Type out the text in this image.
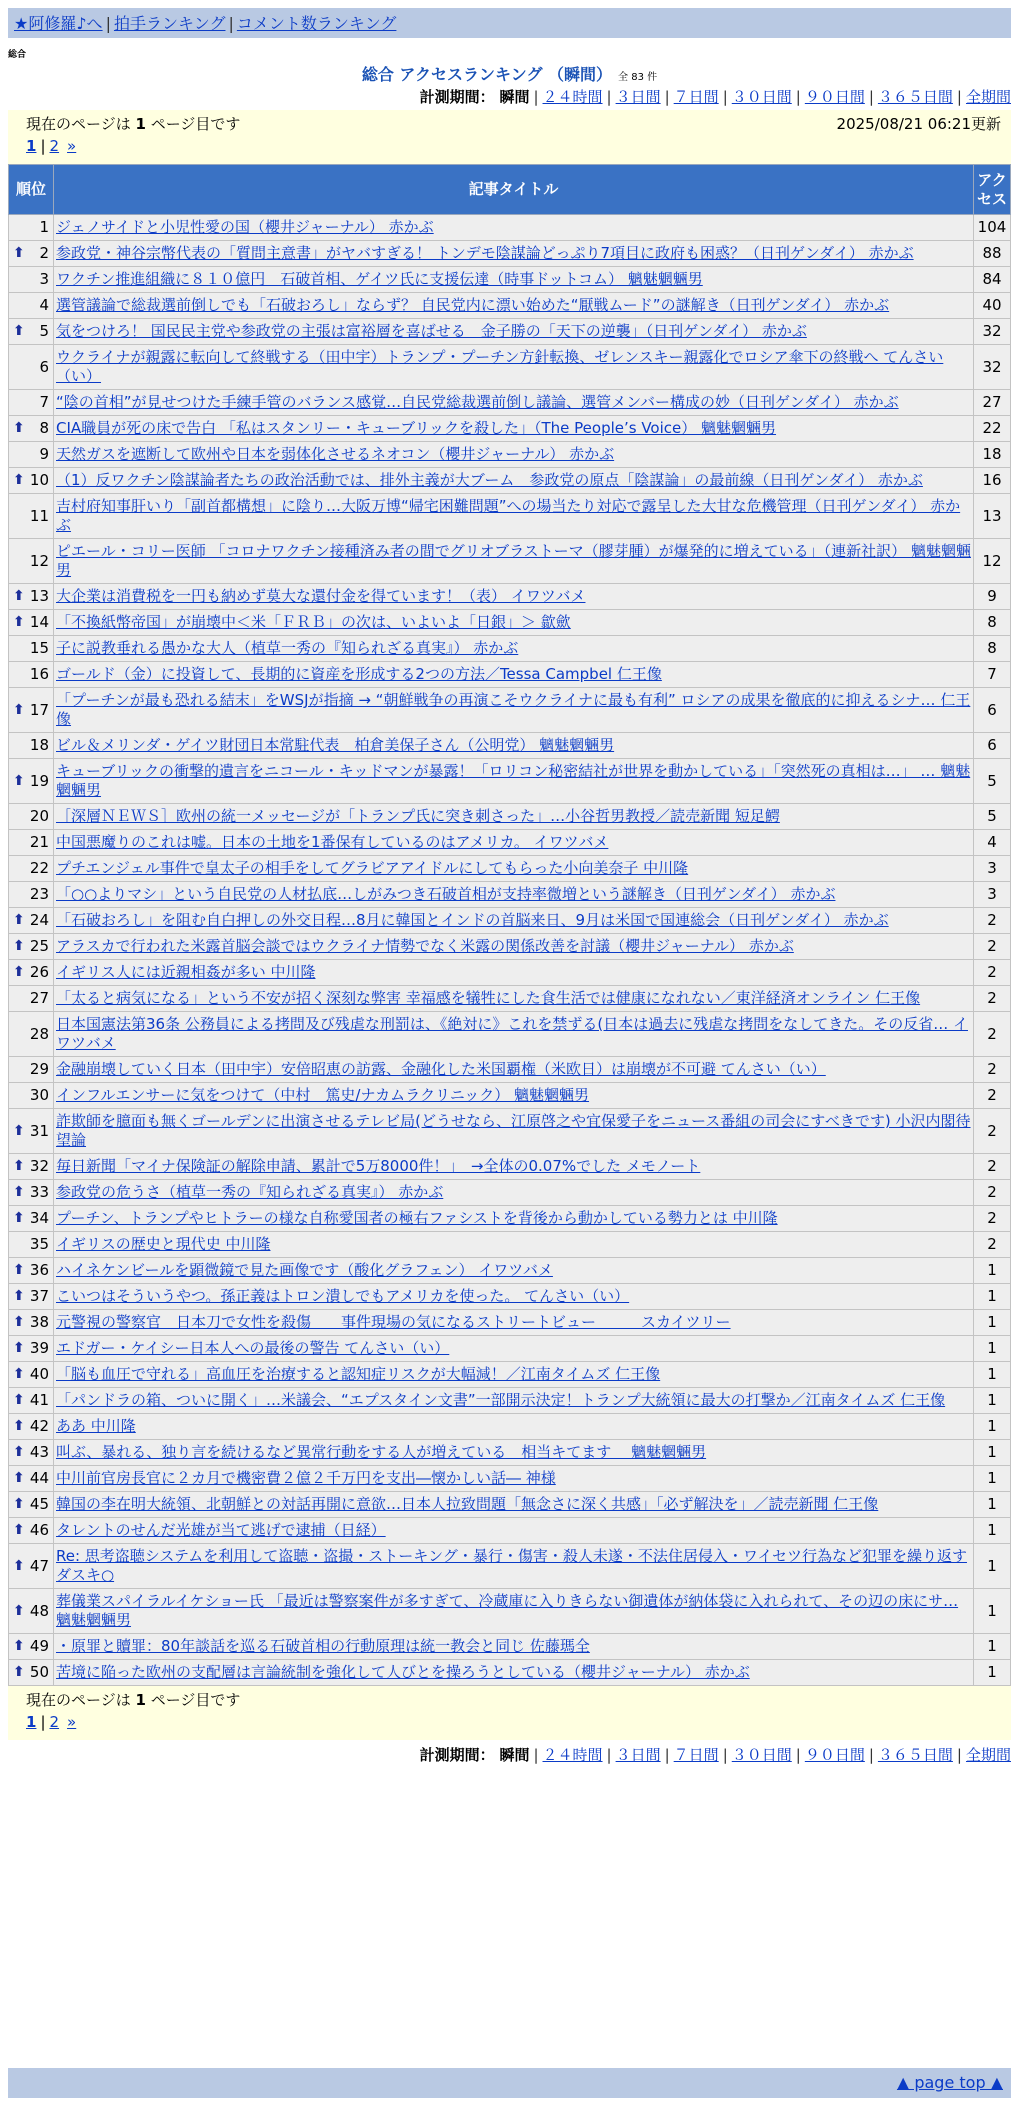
★阿修羅♪へ | 拍手ランキング | コメント数ランキング
総合
総合 アクセスランキング （瞬間） 全 83 件
計測期間： 瞬間 | ２４時間 | ３日間 | ７日間 | ３０日間 | ９０日間 | ３６５日間 | 全期間
現在のページは 1 ページ目です	2025/08/21 06:21更新
1 | 2 »
順位	記事タイトル	アクセス
1	ジェノサイドと小児性愛の国（櫻井ジャーナル） 赤かぶ	104

⬆ 2	参政党・神谷宗幣代表の「質問主意書」がヤバすぎる！ トンデモ陰謀論どっぷり7項目に政府も困惑？（日刊ゲンダイ） 赤かぶ	88
3	ワクチン推進組織に８１０億円　石破首相、ゲイツ氏に支援伝達（時事ドットコム） 魑魅魍魎男	84
4	選管議論で総裁選前倒しでも「石破おろし」ならず？ 自民党内に漂い始めた“厭戦ムード”の謎解き（日刊ゲンダイ） 赤かぶ	40

⬆ 5	気をつけろ！ 国民民主党や参政党の主張は富裕層を喜ばせる　金子勝の「天下の逆襲」（日刊ゲンダイ） 赤かぶ	32
6	ウクライナが親露に転向して終戦する（田中宇）トランプ・プーチン方針転換、ゼレンスキー親露化でロシア傘下の終戦へ てんさい（い）	32
7	“陰の首相”が見せつけた手練手管のバランス感覚…自民党総裁選前倒し議論、選管メンバー構成の妙（日刊ゲンダイ） 赤かぶ	27

⬆ 8	CIA職員が死の床で告白 「私はスタンリー・キューブリックを殺した」（The People’s Voice） 魑魅魍魎男	22
9	天然ガスを遮断して欧州や日本を弱体化させるネオコン（櫻井ジャーナル） 赤かぶ	18

⬆ 10	（1）反ワクチン陰謀論者たちの政治活動では、排外主義が大ブーム　参政党の原点「陰謀論」の最前線（日刊ゲンダイ） 赤かぶ	16
11	吉村府知事肝いり「副首都構想」に陰り…大阪万博“帰宅困難問題”への場当たり対応で露呈した大甘な危機管理（日刊ゲンダイ） 赤かぶ	13
12	ピエール・コリー医師 「コロナワクチン接種済み者の間でグリオブラストーマ（膠芽腫）が爆発的に増えている」（連新社訳） 魑魅魍魎男	12

⬆ 13	大企業は消費税を一円も納めず莫大な還付金を得ています！（表） イワツバメ	9

⬆ 14	「不換紙幣帝国」が崩壊中＜米「ＦＲＢ」の次は、いよいよ「日銀」＞ 歙歛	8
15	子に説教垂れる愚かな大人（植草一秀の『知られざる真実』） 赤かぶ	8
16	ゴールド（金）に投資して、長期的に資産を形成する2つの方法／Tessa Campbel 仁王像	7

⬆ 17	「プーチンが最も恐れる結末」をWSJが指摘 → “朝鮮戦争の再演こそウクライナに最も有利” ロシアの成果を徹底的に抑えるシナ… 仁王像	6
18	ビル＆メリンダ・ゲイツ財団日本常駐代表　柏倉美保子さん（公明党） 魑魅魍魎男	6

⬆ 19	キューブリックの衝撃的遺言をニコール・キッドマンが暴露！「ロリコン秘密結社が世界を動かしている」「突然死の真相は…」 … 魑魅魍魎男	5
20	［深層ＮＥＷＳ］欧州の統一メッセージが「トランプ氏に突き刺さった」…小谷哲男教授／読売新聞 短足鰐	5
21	中国悪魔りのこれは嘘。日本の土地を1番保有しているのはアメリカ。 イワツバメ	4
22	プチエンジェル事件で皇太子の相手をしてグラビアアイドルにしてもらった小向美奈子 中川隆	3
23	「○○よりマシ」という自民党の人材払底…しがみつき石破首相が支持率微増という謎解き（日刊ゲンダイ） 赤かぶ	3

⬆ 24	「石破おろし」を阻む自白押しの外交日程…8月に韓国とインドの首脳来日、9月は米国で国連総会（日刊ゲンダイ） 赤かぶ	2

⬆ 25	アラスカで行われた米露首脳会談ではウクライナ情勢でなく米露の関係改善を討議（櫻井ジャーナル） 赤かぶ	2

⬆ 26	イギリス人には近親相姦が多い 中川隆	2
27	「太ると病気になる」という不安が招く深刻な弊害 幸福感を犠牲にした食生活では健康になれない／東洋経済オンライン 仁王像	2
28	日本国憲法第36条 公務員による拷問及び残虐な刑罰は、《絶対に》これを禁ずる(日本は過去に残虐な拷問をなしてきた。その反省… イワツバメ	2
29	金融崩壊していく日本（田中宇）安倍昭恵の訪露、金融化した米国覇権（米欧日）は崩壊が不可避 てんさい（い）	2
30	インフルエンサーに気をつけて（中村　篤史/ナカムラクリニック） 魑魅魍魎男	2

⬆ 31	詐欺師を臆面も無くゴールデンに出演させるテレビ局(どうせなら、江原啓之や宜保愛子をニュース番組の司会にすべきです) 小沢内閣待望論	2

⬆ 32	毎日新聞「マイナ保険証の解除申請、累計で5万8000件！」　→全体の0.07%でした メモノート	2

⬆ 33	参政党の危うさ（植草一秀の『知られざる真実』） 赤かぶ	2

⬆ 34	プーチン、トランプやヒトラーの様な自称愛国者の極右ファシストを背後から動かしている勢力とは 中川隆	2
35	イギリスの歴史と現代史 中川隆	2

⬆ 36	ハイネケンビールを顕微鏡で見た画像です（酸化グラフェン） イワツバメ	1

⬆ 37	こいつはそういうやつ。孫正義はトロン潰しでもアメリカを使った。 てんさい（い）	1

⬆ 38	元警視の警察官　日本刀で女性を殺傷　　事件現場の気になるストリートビュー　　　スカイツリー	1

⬆ 39	エドガー・ケイシー日本人への最後の警告 てんさい（い）	1

⬆ 40	「脳も血圧で守れる」高血圧を治療すると認知症リスクが大幅減！／江南タイムズ 仁王像	1

⬆ 41	「パンドラの箱、ついに開く」…米議会、“エプスタイン文書”一部開示決定！トランプ大統領に最大の打撃か／江南タイムズ 仁王像	1

⬆ 42	ああ 中川隆	1

⬆ 43	叫ぶ、暴れる、独り言を続けるなど異常行動をする人が増えている　相当キてます　 魑魅魍魎男	1

⬆ 44	中川前官房長官に２カ月で機密費２億２千万円を支出―懐かしい話― 神様	1

⬆ 45	韓国の李在明大統領、北朝鮮との対話再開に意欲…日本人拉致問題「無念さに深く共感」「必ず解決を」／読売新聞 仁王像	1

⬆ 46	タレントのせんだ光雄が当て逃げで逮捕（日経）	1

⬆ 47	Re: 思考盗聴システムを利用して盗聴・盗撮・ストーキング・暴行・傷害・殺人未遂・不法住居侵入・ワイセツ行為など犯罪を繰り返すダスキ○	1

⬆ 48	葬儀業スパイラルイケショー氏 「最近は警察案件が多すぎて、冷蔵庫に入りきらない御遺体が納体袋に入れられて、その辺の床にサ… 魑魅魍魎男	1

⬆ 49	・原罪と贖罪：80年談話を巡る石破首相の行動原理は統一教会と同じ 佐藤瑪全	1

⬆ 50	苦境に陥った欧州の支配層は言論統制を強化して人びとを操ろうとしている（櫻井ジャーナル） 赤かぶ	1
現在のページは 1 ページ目です
1 | 2 »
計測期間： 瞬間 | ２４時間 | ３日間 | ７日間 | ３０日間 | ９０日間 | ３６５日間 | 全期間
▲ page top ▲
